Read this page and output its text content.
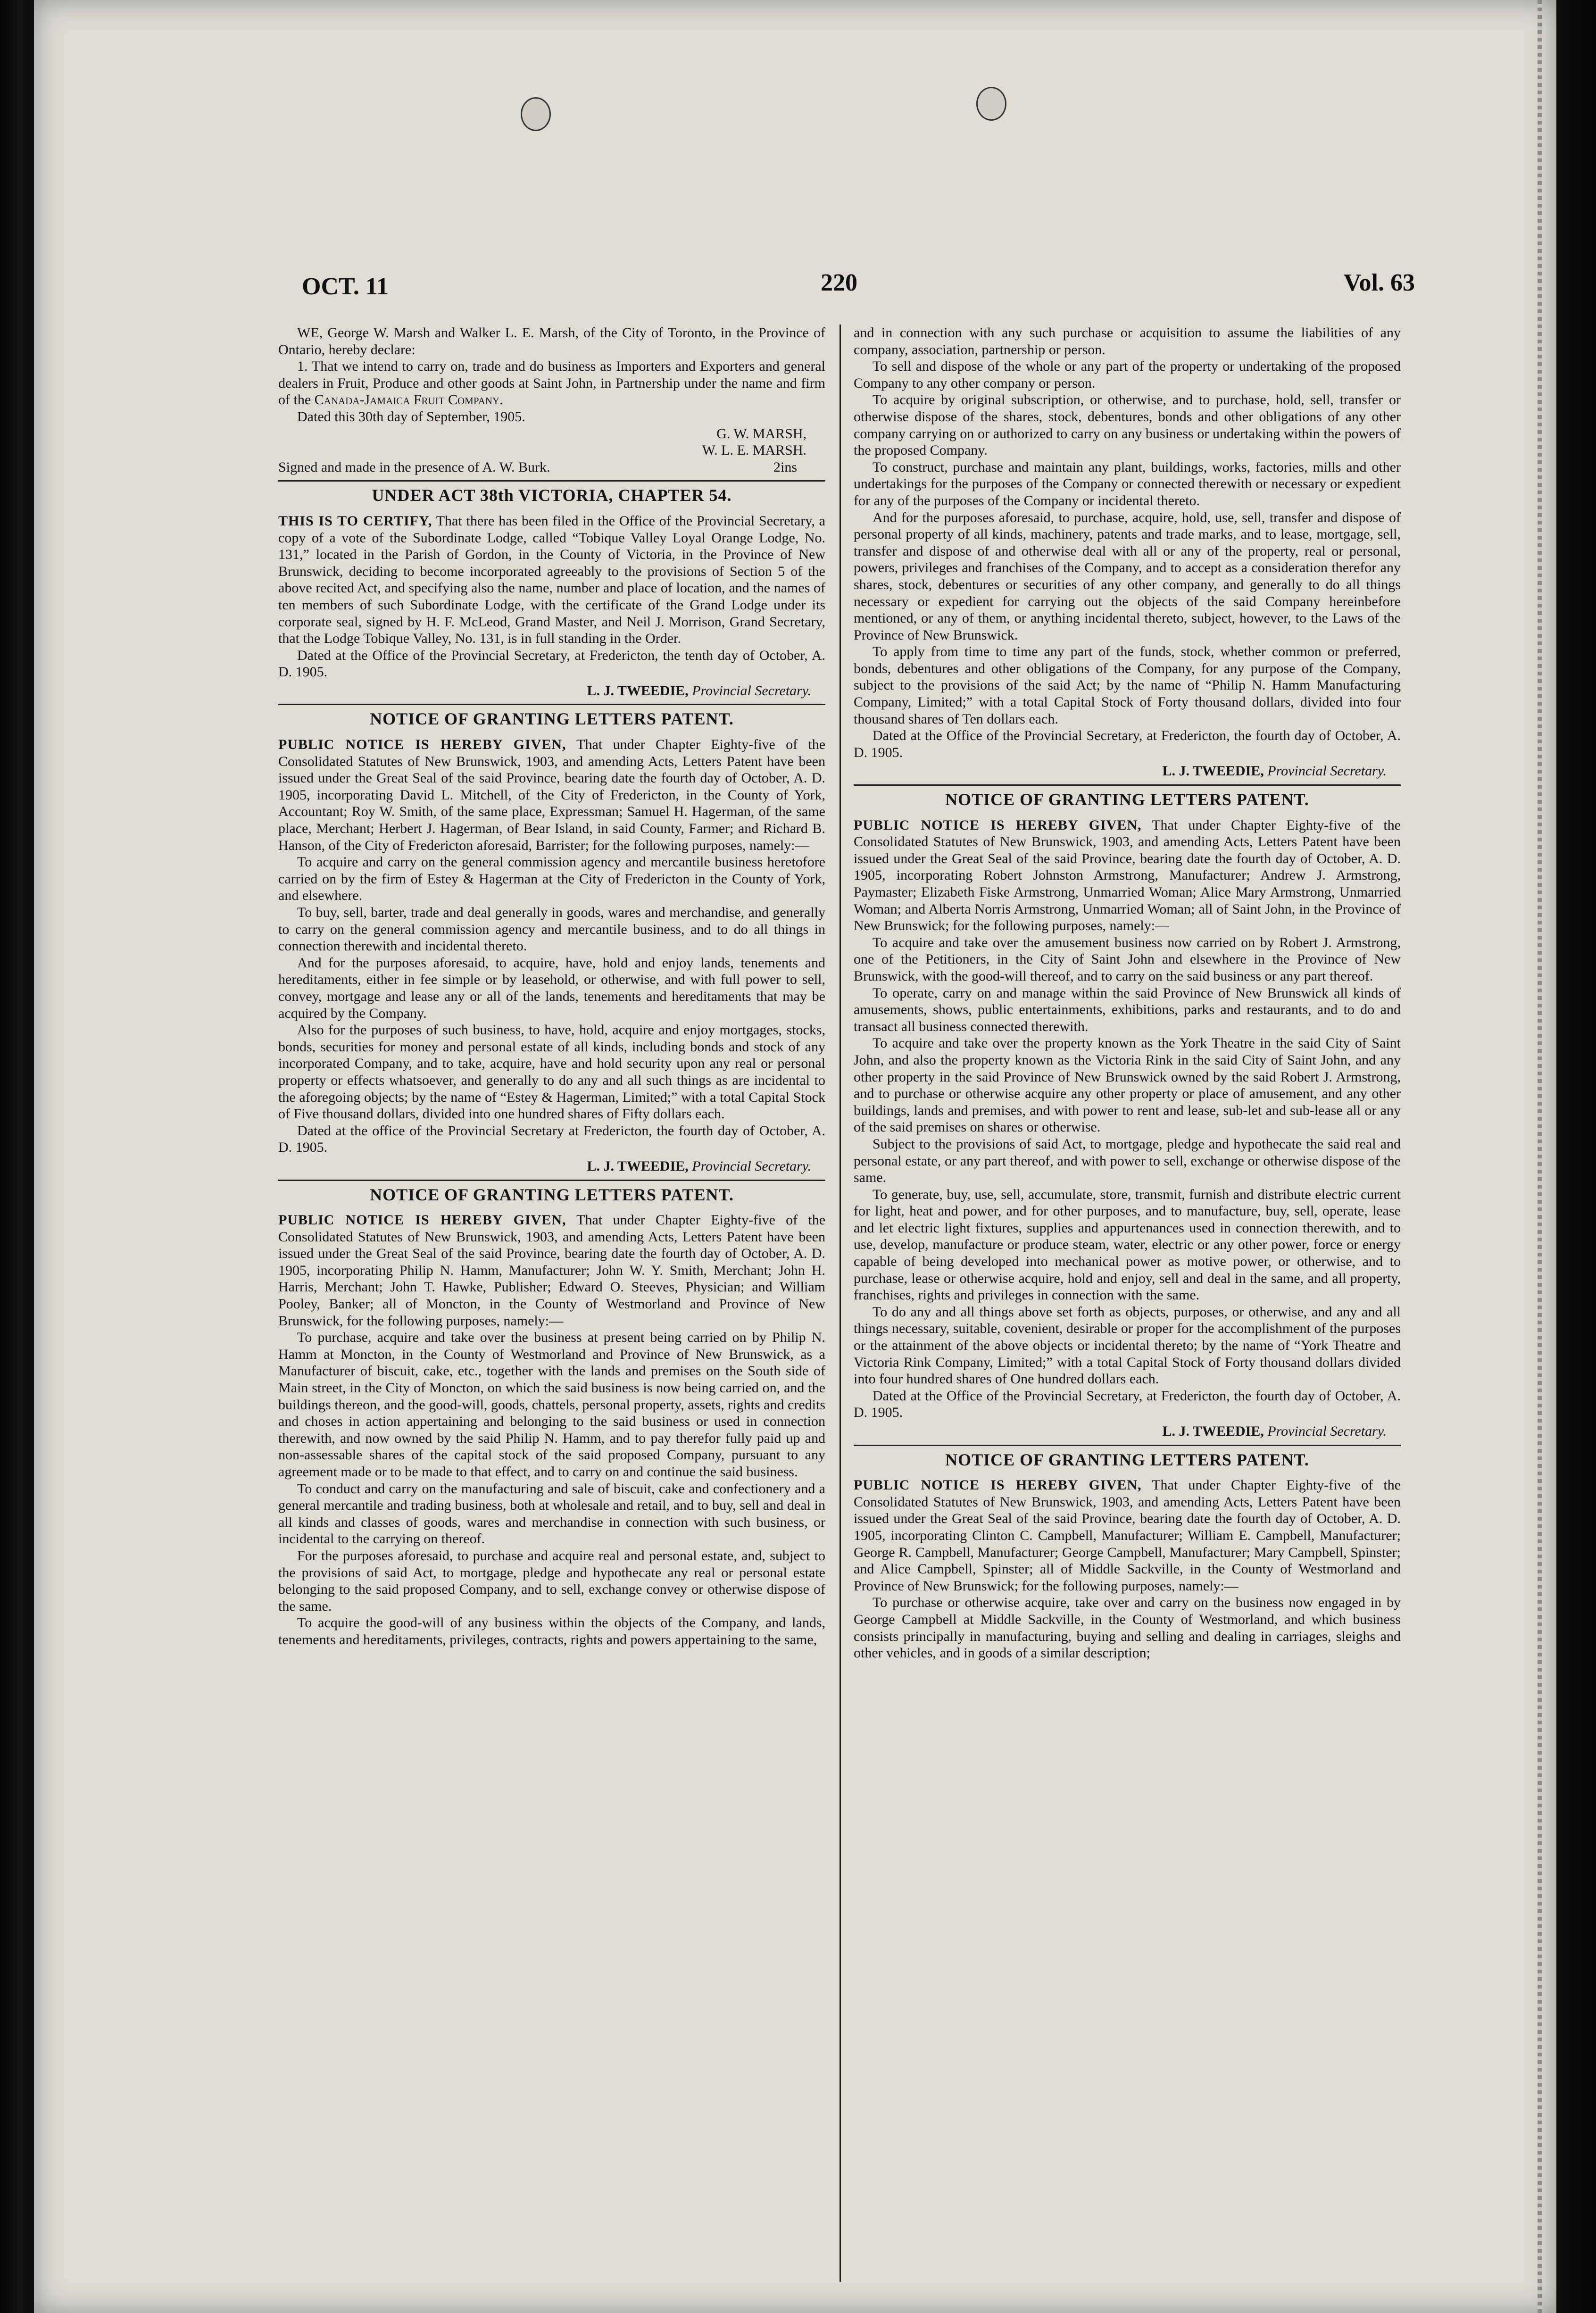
OCT. 11	220	Vol. 63

WE, George W. Marsh and Walker L. E. Marsh, of the City of Toronto, in the Province of Ontario, hereby declare:

1. That we intend to carry on, trade and do business as Importers and Exporters and general dealers in Fruit, Produce and other goods at Saint John, in Partnership under the name and firm of the Canada-Jamaica Fruit Company.

Dated this 30th day of September, 1905.

G. W. MARSH,
W. L. E. MARSH.
Signed and made in the presence of A. W. Burk.	2ins
UNDER ACT 38th VICTORIA, CHAPTER 54.

THIS IS TO CERTIFY, That there has been filed in the Office of the Provincial Secretary, a copy of a vote of the Subordinate Lodge, called “Tobique Valley Loyal Orange Lodge, No. 131,” located in the Parish of Gordon, in the County of Victoria, in the Province of New Brunswick, deciding to become incorporated agreeably to the provisions of Section 5 of the above recited Act, and specifying also the name, number and place of location, and the names of ten members of such Subordinate Lodge, with the certificate of the Grand Lodge under its corporate seal, signed by H. F. McLeod, Grand Master, and Neil J. Morrison, Grand Secretary, that the Lodge Tobique Valley, No. 131, is in full standing in the Order.

Dated at the Office of the Provincial Secretary, at Fredericton, the tenth day of October, A. D. 1905.

L. J. TWEEDIE, Provincial Secretary.
NOTICE OF GRANTING LETTERS PATENT.

PUBLIC NOTICE IS HEREBY GIVEN, That under Chapter Eighty-five of the Consolidated Statutes of New Brunswick, 1903, and amending Acts, Letters Patent have been issued under the Great Seal of the said Province, bearing date the fourth day of October, A. D. 1905, incorporating David L. Mitchell, of the City of Fredericton, in the County of York, Accountant; Roy W. Smith, of the same place, Expressman; Samuel H. Hagerman, of the same place, Merchant; Herbert J. Hagerman, of Bear Island, in said County, Farmer; and Richard B. Hanson, of the City of Fredericton aforesaid, Barrister; for the following purposes, namely:—

To acquire and carry on the general commission agency and mercantile business heretofore carried on by the firm of Estey & Hagerman at the City of Fredericton in the County of York, and elsewhere.

To buy, sell, barter, trade and deal generally in goods, wares and merchandise, and generally to carry on the general commission agency and mercantile business, and to do all things in connection therewith and incidental thereto.

And for the purposes aforesaid, to acquire, have, hold and enjoy lands, tenements and hereditaments, either in fee simple or by leasehold, or otherwise, and with full power to sell, convey, mortgage and lease any or all of the lands, tenements and hereditaments that may be acquired by the Company.

Also for the purposes of such business, to have, hold, acquire and enjoy mortgages, stocks, bonds, securities for money and personal estate of all kinds, including bonds and stock of any incorporated Company, and to take, acquire, have and hold security upon any real or personal property or effects whatsoever, and generally to do any and all such things as are incidental to the aforegoing objects; by the name of “Estey & Hagerman, Limited;” with a total Capital Stock of Five thousand dollars, divided into one hundred shares of Fifty dollars each.

Dated at the office of the Provincial Secretary at Fredericton, the fourth day of October, A. D. 1905.

L. J. TWEEDIE, Provincial Secretary.
NOTICE OF GRANTING LETTERS PATENT.

PUBLIC NOTICE IS HEREBY GIVEN, That under Chapter Eighty-five of the Consolidated Statutes of New Brunswick, 1903, and amending Acts, Letters Patent have been issued under the Great Seal of the said Province, bearing date the fourth day of October, A. D. 1905, incorporating Philip N. Hamm, Manufacturer; John W. Y. Smith, Merchant; John H. Harris, Merchant; John T. Hawke, Publisher; Edward O. Steeves, Physician; and William Pooley, Banker; all of Moncton, in the County of Westmorland and Province of New Brunswick, for the following purposes, namely:—

To purchase, acquire and take over the business at present being carried on by Philip N. Hamm at Moncton, in the County of Westmorland and Province of New Brunswick, as a Manufacturer of biscuit, cake, etc., together with the lands and premises on the South side of Main street, in the City of Moncton, on which the said business is now being carried on, and the buildings thereon, and the good-will, goods, chattels, personal property, assets, rights and credits and choses in action appertaining and belonging to the said business or used in connection therewith, and now owned by the said Philip N. Hamm, and to pay therefor fully paid up and non-assessable shares of the capital stock of the said proposed Company, pursuant to any agreement made or to be made to that effect, and to carry on and continue the said business.

To conduct and carry on the manufacturing and sale of biscuit, cake and confectionery and a general mercantile and trading business, both at wholesale and retail, and to buy, sell and deal in all kinds and classes of goods, wares and merchandise in connection with such business, or incidental to the carrying on thereof.

For the purposes aforesaid, to purchase and acquire real and personal estate, and, subject to the provisions of said Act, to mortgage, pledge and hypothecate any real or personal estate belonging to the said proposed Company, and to sell, exchange convey or otherwise dispose of the same.

To acquire the good-will of any business within the objects of the Company, and lands, tenements and hereditaments, privileges, contracts, rights and powers appertaining to the same,

and in connection with any such purchase or acquisition to assume the liabilities of any company, association, partnership or person.

To sell and dispose of the whole or any part of the property or undertaking of the proposed Company to any other company or person.

To acquire by original subscription, or otherwise, and to purchase, hold, sell, transfer or otherwise dispose of the shares, stock, debentures, bonds and other obligations of any other company carrying on or authorized to carry on any business or undertaking within the powers of the proposed Company.

To construct, purchase and maintain any plant, buildings, works, factories, mills and other undertakings for the purposes of the Company or connected therewith or necessary or expedient for any of the purposes of the Company or incidental thereto.

And for the purposes aforesaid, to purchase, acquire, hold, use, sell, transfer and dispose of personal property of all kinds, machinery, patents and trade marks, and to lease, mortgage, sell, transfer and dispose of and otherwise deal with all or any of the property, real or personal, powers, privileges and franchises of the Company, and to accept as a consideration therefor any shares, stock, debentures or securities of any other company, and generally to do all things necessary or expedient for carrying out the objects of the said Company hereinbefore mentioned, or any of them, or anything incidental thereto, subject, however, to the Laws of the Province of New Brunswick.

To apply from time to time any part of the funds, stock, whether common or preferred, bonds, debentures and other obligations of the Company, for any purpose of the Company, subject to the provisions of the said Act; by the name of “Philip N. Hamm Manufacturing Company, Limited;” with a total Capital Stock of Forty thousand dollars, divided into four thousand shares of Ten dollars each.

Dated at the Office of the Provincial Secretary, at Fredericton, the fourth day of October, A. D. 1905.

L. J. TWEEDIE, Provincial Secretary.
NOTICE OF GRANTING LETTERS PATENT.

PUBLIC NOTICE IS HEREBY GIVEN, That under Chapter Eighty-five of the Consolidated Statutes of New Brunswick, 1903, and amending Acts, Letters Patent have been issued under the Great Seal of the said Province, bearing date the fourth day of October, A. D. 1905, incorporating Robert Johnston Armstrong, Manufacturer; Andrew J. Armstrong, Paymaster; Elizabeth Fiske Armstrong, Unmarried Woman; Alice Mary Armstrong, Unmarried Woman; and Alberta Norris Armstrong, Unmarried Woman; all of Saint John, in the Province of New Brunswick; for the following purposes, namely:—

To acquire and take over the amusement business now carried on by Robert J. Armstrong, one of the Petitioners, in the City of Saint John and elsewhere in the Province of New Brunswick, with the good-will thereof, and to carry on the said business or any part thereof.

To operate, carry on and manage within the said Province of New Brunswick all kinds of amusements, shows, public entertainments, exhibitions, parks and restaurants, and to do and transact all business connected therewith.

To acquire and take over the property known as the York Theatre in the said City of Saint John, and also the property known as the Victoria Rink in the said City of Saint John, and any other property in the said Province of New Brunswick owned by the said Robert J. Armstrong, and to purchase or otherwise acquire any other property or place of amusement, and any other buildings, lands and premises, and with power to rent and lease, sub-let and sub-lease all or any of the said premises on shares or otherwise.

Subject to the provisions of said Act, to mortgage, pledge and hypothecate the said real and personal estate, or any part thereof, and with power to sell, exchange or otherwise dispose of the same.

To generate, buy, use, sell, accumulate, store, transmit, furnish and distribute electric current for light, heat and power, and for other purposes, and to manufacture, buy, sell, operate, lease and let electric light fixtures, supplies and appurtenances used in connection therewith, and to use, develop, manufacture or produce steam, water, electric or any other power, force or energy capable of being developed into mechanical power as motive power, or otherwise, and to purchase, lease or otherwise acquire, hold and enjoy, sell and deal in the same, and all property, franchises, rights and privileges in connection with the same.

To do any and all things above set forth as objects, purposes, or otherwise, and any and all things necessary, suitable, covenient, desirable or proper for the accomplishment of the purposes or the attainment of the above objects or incidental thereto; by the name of “York Theatre and Victoria Rink Company, Limited;” with a total Capital Stock of Forty thousand dollars divided into four hundred shares of One hundred dollars each.

Dated at the Office of the Provincial Secretary, at Fredericton, the fourth day of October, A. D. 1905.

L. J. TWEEDIE, Provincial Secretary.
NOTICE OF GRANTING LETTERS PATENT.

PUBLIC NOTICE IS HEREBY GIVEN, That under Chapter Eighty-five of the Consolidated Statutes of New Brunswick, 1903, and amending Acts, Letters Patent have been issued under the Great Seal of the said Province, bearing date the fourth day of October, A. D. 1905, incorporating Clinton C. Campbell, Manufacturer; William E. Campbell, Manufacturer; George R. Campbell, Manufacturer; George Campbell, Manufacturer; Mary Campbell, Spinster; and Alice Campbell, Spinster; all of Middle Sackville, in the County of Westmorland and Province of New Brunswick; for the following purposes, namely:—

To purchase or otherwise acquire, take over and carry on the business now engaged in by George Campbell at Middle Sackville, in the County of Westmorland, and which business consists principally in manufacturing, buying and selling and dealing in carriages, sleighs and other vehicles, and in goods of a similar description;
